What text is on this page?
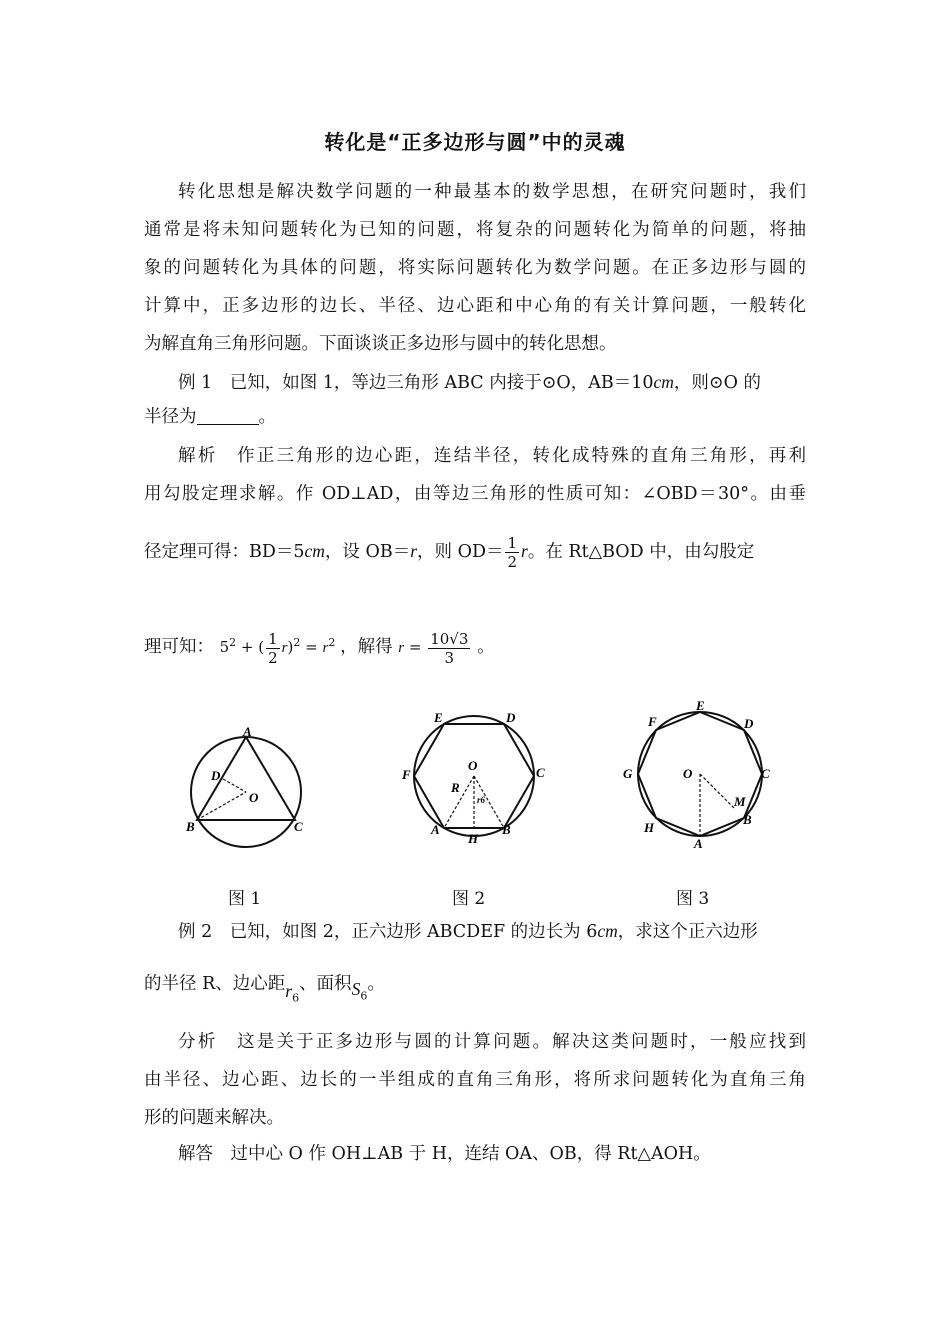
转化是“正多边形与圆”中的灵魂
转化思想是解决数学问题的一种最基本的数学思想，在研究问题时，我们
通常是将未知问题转化为已知的问题，将复杂的问题转化为简单的问题，将抽
象的问题转化为具体的问题，将实际问题转化为数学问题。在正多边形与圆的
计算中，正多边形的边长、半径、边心距和中心角的有关计算问题，一般转化
为解直角三角形问题。下面谈谈正多边形与圆中的转化思想。
例 1　已知，如图 1，等边三角形 ABC 内接于⊙O，AB＝10cm，则⊙O 的
半径为	。
解析　作正三角形的边心距，连结半径，转化成特殊的直角三角形，再利
用勾股定理求解。作 OD⊥AD，由等边三角形的性质可知：∠OBD＝30°。由垂
径定理可得：BD＝5cm，设 OB＝r，则 $OD= \frac{1}{2}$ r。在 Rt△BOD 中，由勾股定
理可知： $5^2$ + ( $\frac{1}{2} r)^2 = r^2$ ，解得 $r = \frac{10√3}{3}$ 。
A
B	C
D
O
E	D
F	C
O
R
r6
A
H
B
E
F	D
G	O	C
M
H
B
A
图 1	图 2	图 3
例 2　已知，如图 2，正六边形 ABCDEF 的边长为 6cm，求这个正六边形
的半径 R、边心距$r_6$、面积$S_6$。
分析　这是关于正多边形与圆的计算问题。解决这类问题时，一般应找到
由半径、边心距、边长的一半组成的直角三角形，将所求问题转化为直角三角
形的问题来解决。
解答　过中心 O 作 OH⊥AB 于 H，连结 OA、OB，得 Rt△AOH。
